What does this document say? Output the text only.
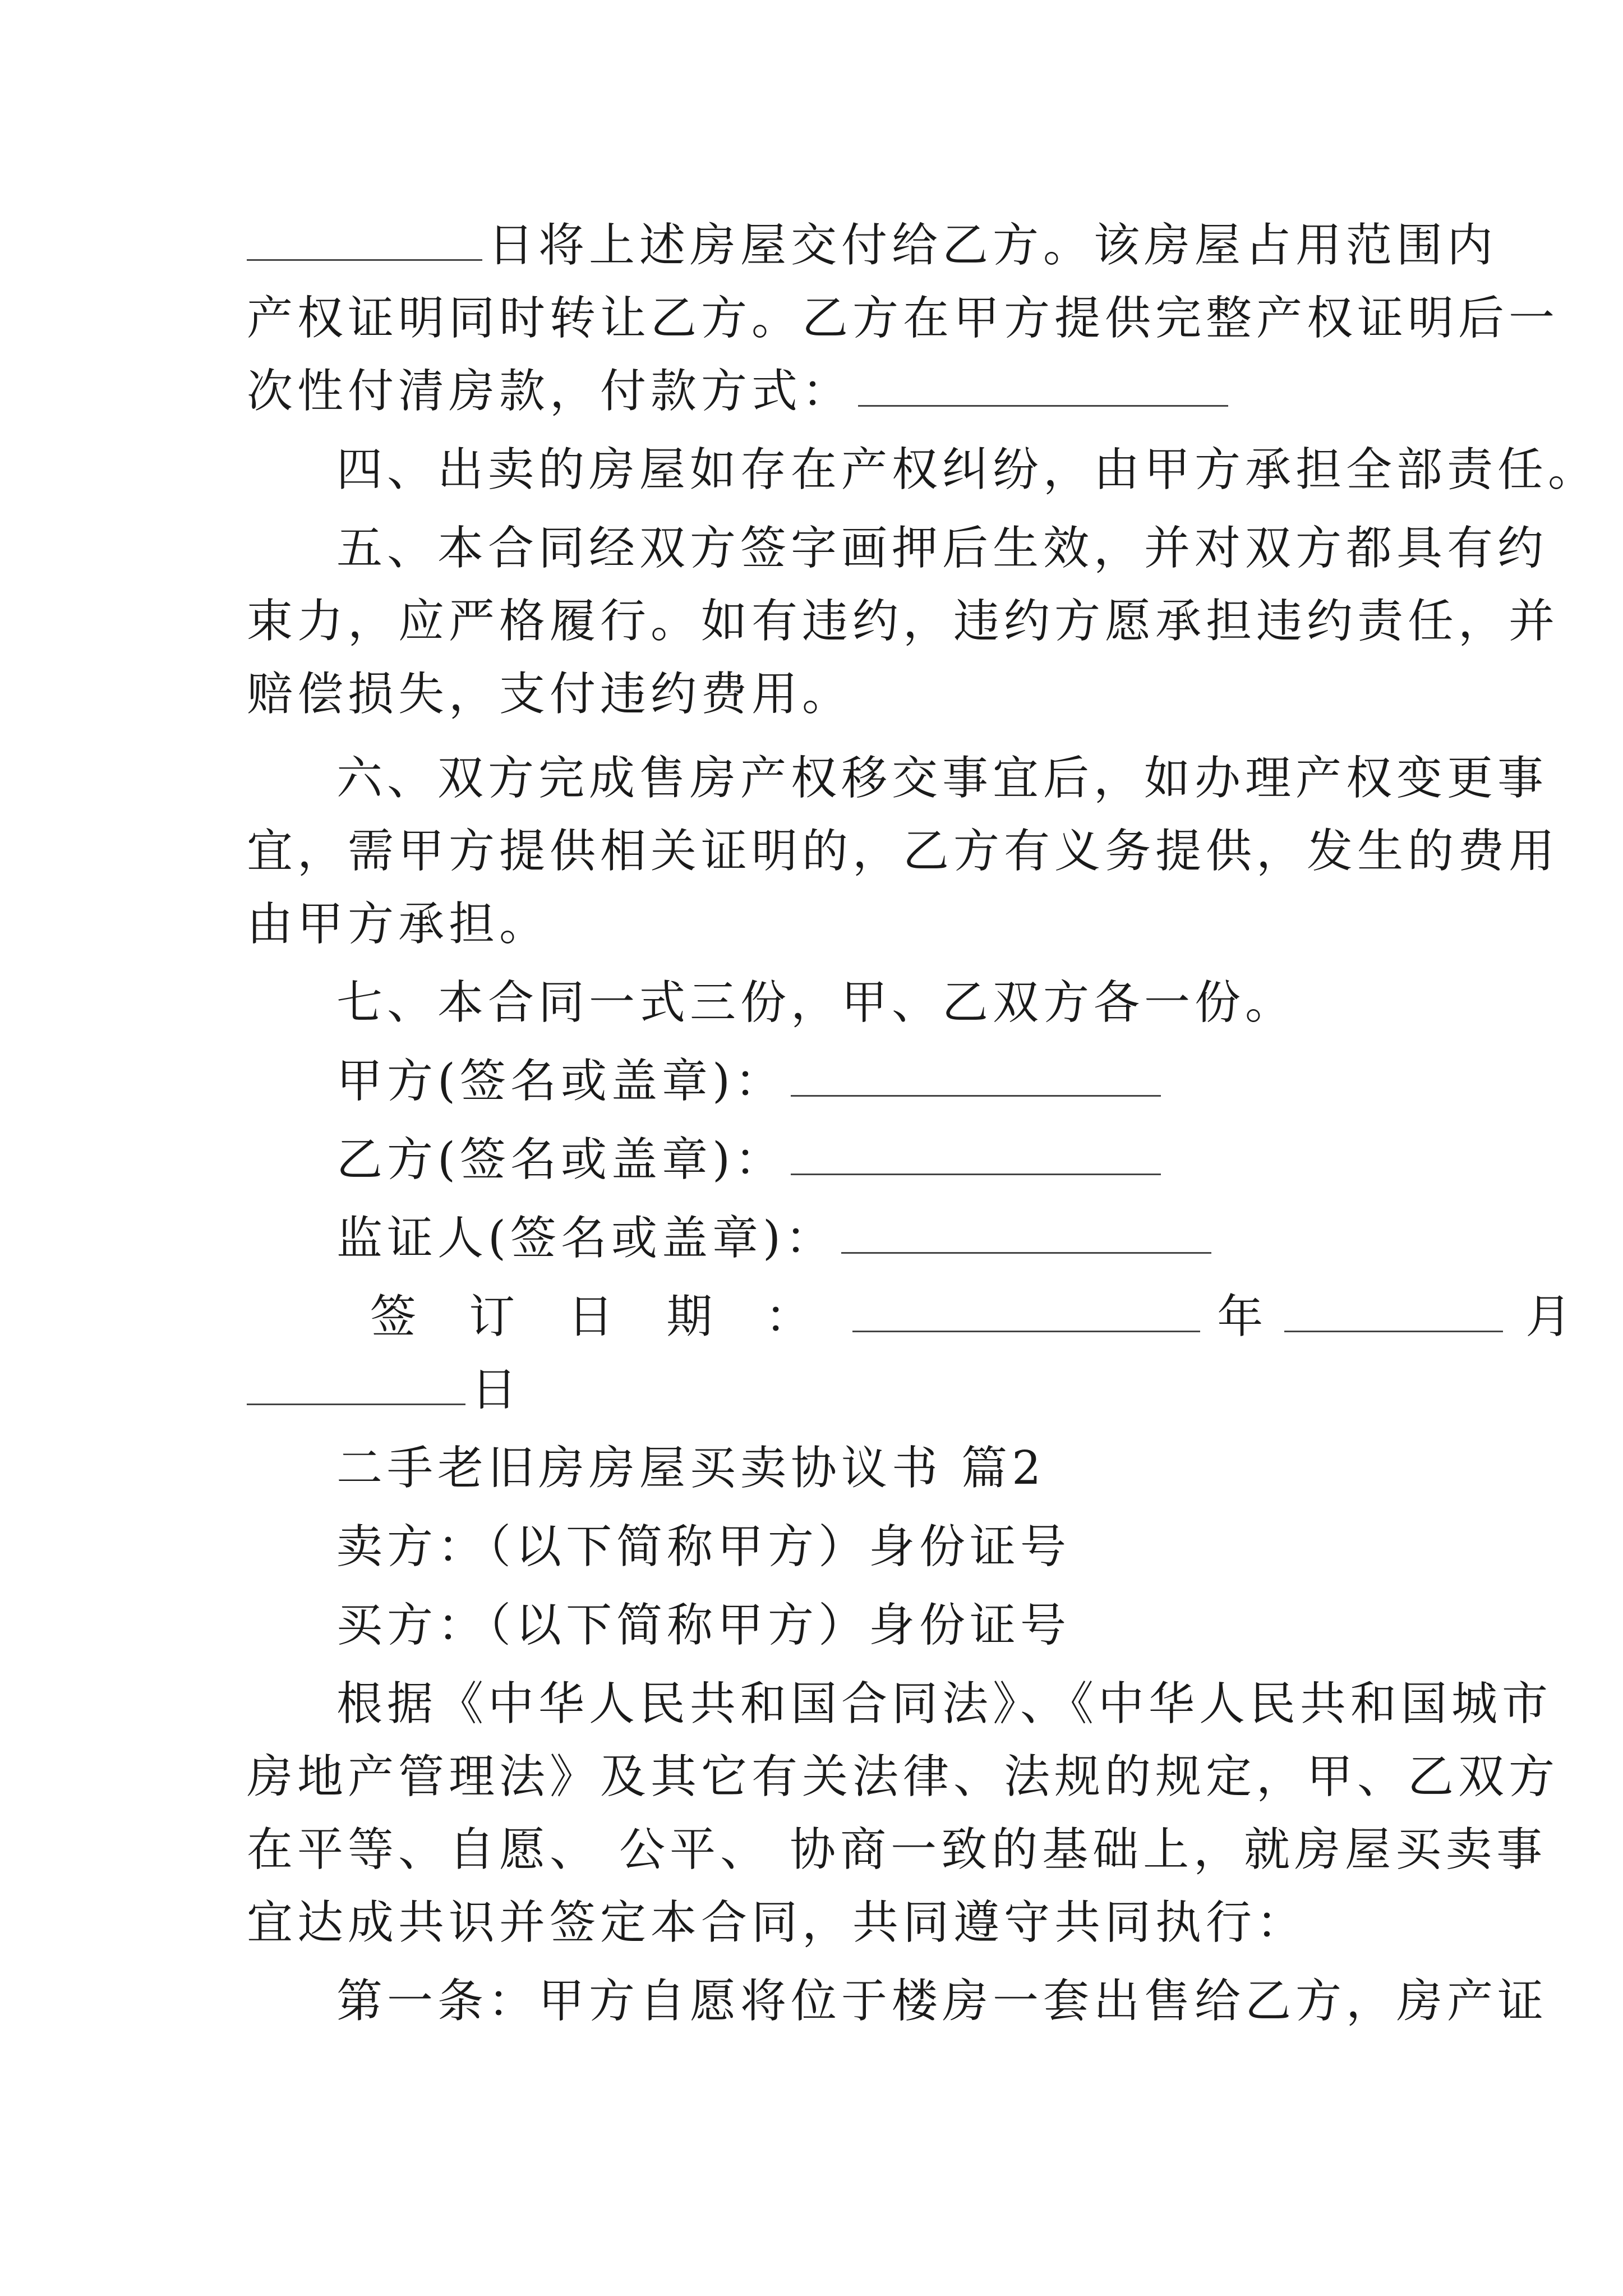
日将上述房屋交付给乙方。该房屋占用范围内
产权证明同时转让乙方。乙方在甲方提供完整产权证明后一
次性付清房款，付款方式：
四、出卖的房屋如存在产权纠纷，由甲方承担全部责任。
五、本合同经双方签字画押后生效，并对双方都具有约
束力，应严格履行。如有违约，违约方愿承担违约责任，并
赔偿损失，支付违约费用。
六、双方完成售房产权移交事宜后，如办理产权变更事
宜，需甲方提供相关证明的，乙方有义务提供，发生的费用
由甲方承担。
七、本合同一式三份，甲、乙双方各一份。
甲方(签名或盖章)：
乙方(签名或盖章)：
监证人(签名或盖章)：
签 订 日 期 ：	年	月
日
二手老旧房房屋买卖协议书 篇2
卖方：（以下简称甲方）身份证号
买方：（以下简称甲方）身份证号
根据《中华人民共和国合同法》、《中华人民共和国城市
房地产管理法》及其它有关法律、法规的规定，甲、乙双方
在平等、自愿、 公平、 协商一致的基础上，就房屋买卖事
宜达成共识并签定本合同，共同遵守共同执行：
第一条：甲方自愿将位于楼房一套出售给乙方，房产证
